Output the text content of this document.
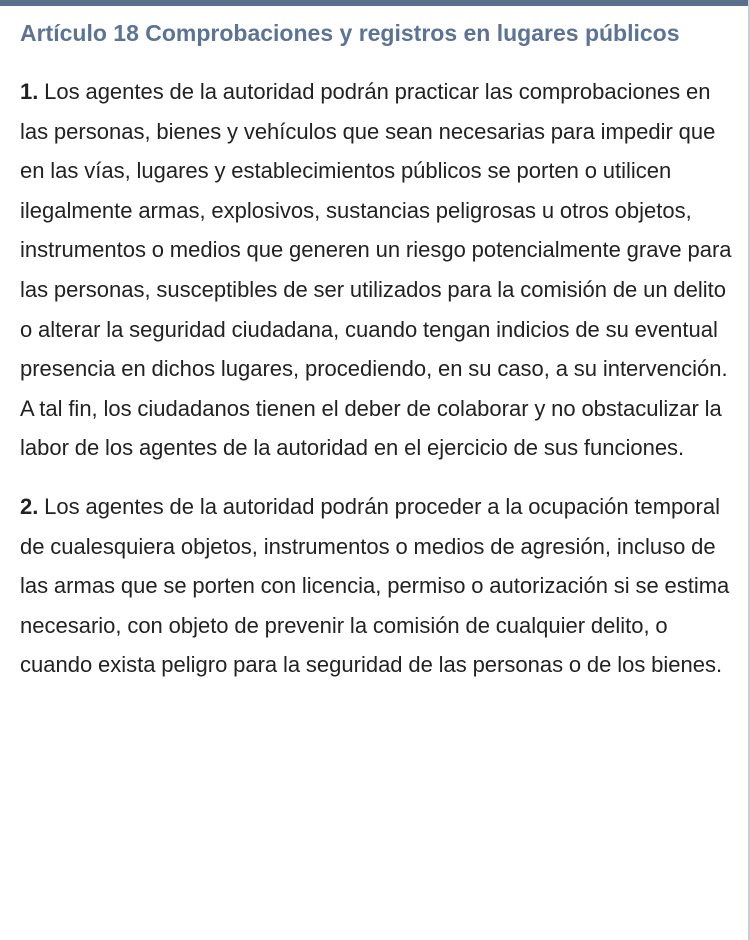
Artículo 18 Comprobaciones y registros en lugares públicos

1. Los agentes de la autoridad podrán practicar las comprobaciones en las personas, bienes y vehículos que sean necesarias para impedir que en las vías, lugares y establecimientos públicos se porten o utilicen ilegalmente armas, explosivos, sustancias peligrosas u otros objetos, instrumentos o medios que generen un riesgo potencialmente grave para las personas, susceptibles de ser utilizados para la comisión de un delito o alterar la seguridad ciudadana, cuando tengan indicios de su eventual presencia en dichos lugares, procediendo, en su caso, a su intervención. A tal fin, los ciudadanos tienen el deber de colaborar y no obstaculizar la labor de los agentes de la autoridad en el ejercicio de sus funciones.

2. Los agentes de la autoridad podrán proceder a la ocupación temporal de cualesquiera objetos, instrumentos o medios de agresión, incluso de las armas que se porten con licencia, permiso o autorización si se estima necesario, con objeto de prevenir la comisión de cualquier delito, o cuando exista peligro para la seguridad de las personas o de los bienes.
